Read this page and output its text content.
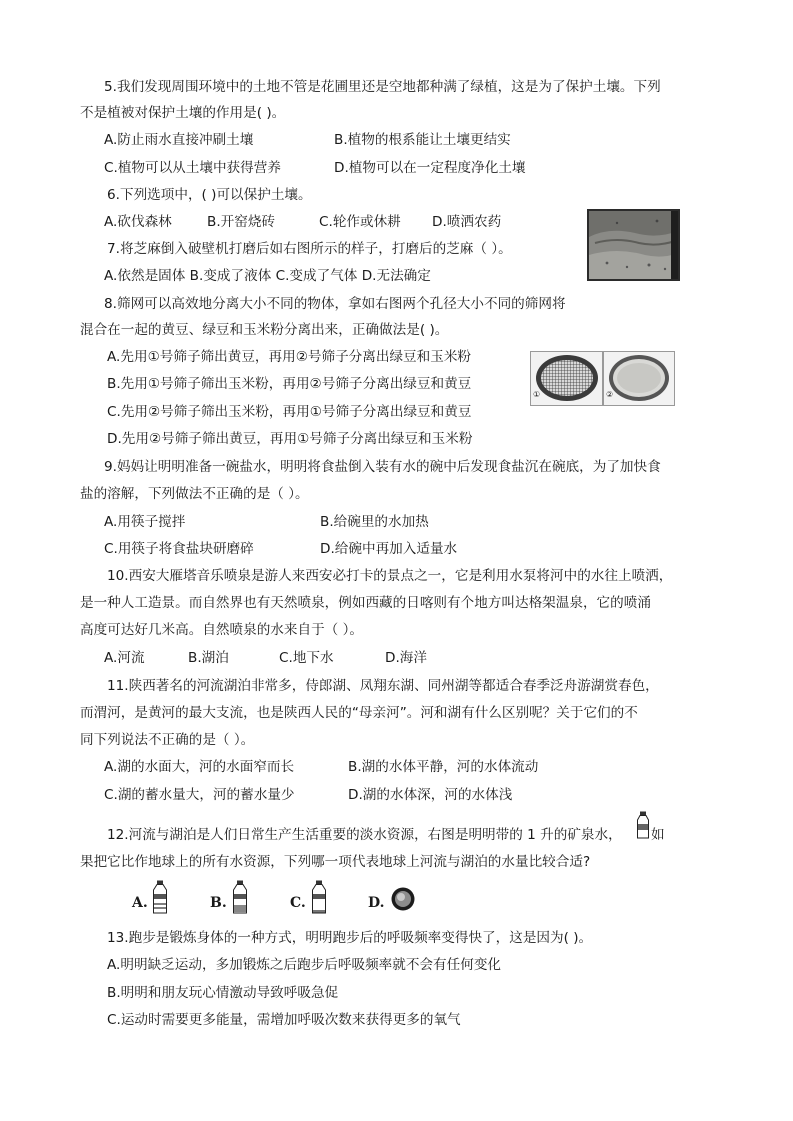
5.我们发现周围环境中的土地不管是花圃里还是空地都种满了绿植，这是为了保护土壤。下列

不是植被对保护土壤的作用是( )。

A.防止雨水直接冲刷土壤	B.植物的根系能让土壤更结实

C.植物可以从土壤中获得营养	D.植物可以在一定程度净化土壤

6.下列选项中，( )可以保护土壤。

A.砍伐森林	B.开窑烧砖	C.轮作或休耕 D.喷洒农药

7.将芝麻倒入破壁机打磨后如右图所示的样子，打磨后的芝麻（ ）。

A.依然是固体 B.变成了液体 C.变成了气体 D.无法确定

8.筛网可以高效地分离大小不同的物体，拿如右图两个孔径大小不同的筛网将

混合在一起的黄豆、绿豆和玉米粉分离出来，正确做法是( )。

A.先用①号筛子筛出黄豆，再用②号筛子分离出绿豆和玉米粉

B.先用①号筛子筛出玉米粉，再用②号筛子分离出绿豆和黄豆

C.先用②号筛子筛出玉米粉，再用①号筛子分离出绿豆和黄豆

D.先用②号筛子筛出黄豆，再用①号筛子分离出绿豆和玉米粉

①	②

9.妈妈让明明准备一碗盐水，明明将食盐倒入装有水的碗中后发现食盐沉在碗底，为了加快食

盐的溶解，下列做法不正确的是（ ）。

A.用筷子搅拌	B.给碗里的水加热

C.用筷子将食盐块研磨碎	D.给碗中再加入适量水

10.西安大雁塔音乐喷泉是游人来西安必打卡的景点之一，它是利用水泵将河中的水往上喷洒，

是一种人工造景。而自然界也有天然喷泉，例如西藏的日喀则有个地方叫达格架温泉，它的喷涌

高度可达好几米高。自然喷泉的水来自于（ ）。

A.河流	B.湖泊	C.地下水	D.海洋

11.陕西著名的河流湖泊非常多，侍郎湖、凤翔东湖、同州湖等都适合春季泛舟游湖赏春色，

而渭河，是黄河的最大支流，也是陕西人民的“母亲河”。河和湖有什么区别呢？关于它们的不

同下列说法不正确的是（ ）。

A.湖的水面大，河的水面窄而长	B.湖的水体平静，河的水体流动

C.湖的蓄水量大，河的蓄水量少	D.湖的水体深，河的水体浅

12.河流与湖泊是人们日常生产生活重要的淡水资源，右图是明明带的 1 升的矿泉水， 如

果把它比作地球上的所有水资源，下列哪一项代表地球上河流与湖泊的水量比较合适?

A.	B.	C.	D.

13.跑步是锻炼身体的一种方式，明明跑步后的呼吸频率变得快了，这是因为( )。

A.明明缺乏运动，多加锻炼之后跑步后呼吸频率就不会有任何变化

B.明明和朋友玩心情激动导致呼吸急促

C.运动时需要更多能量，需增加呼吸次数来获得更多的氧气
